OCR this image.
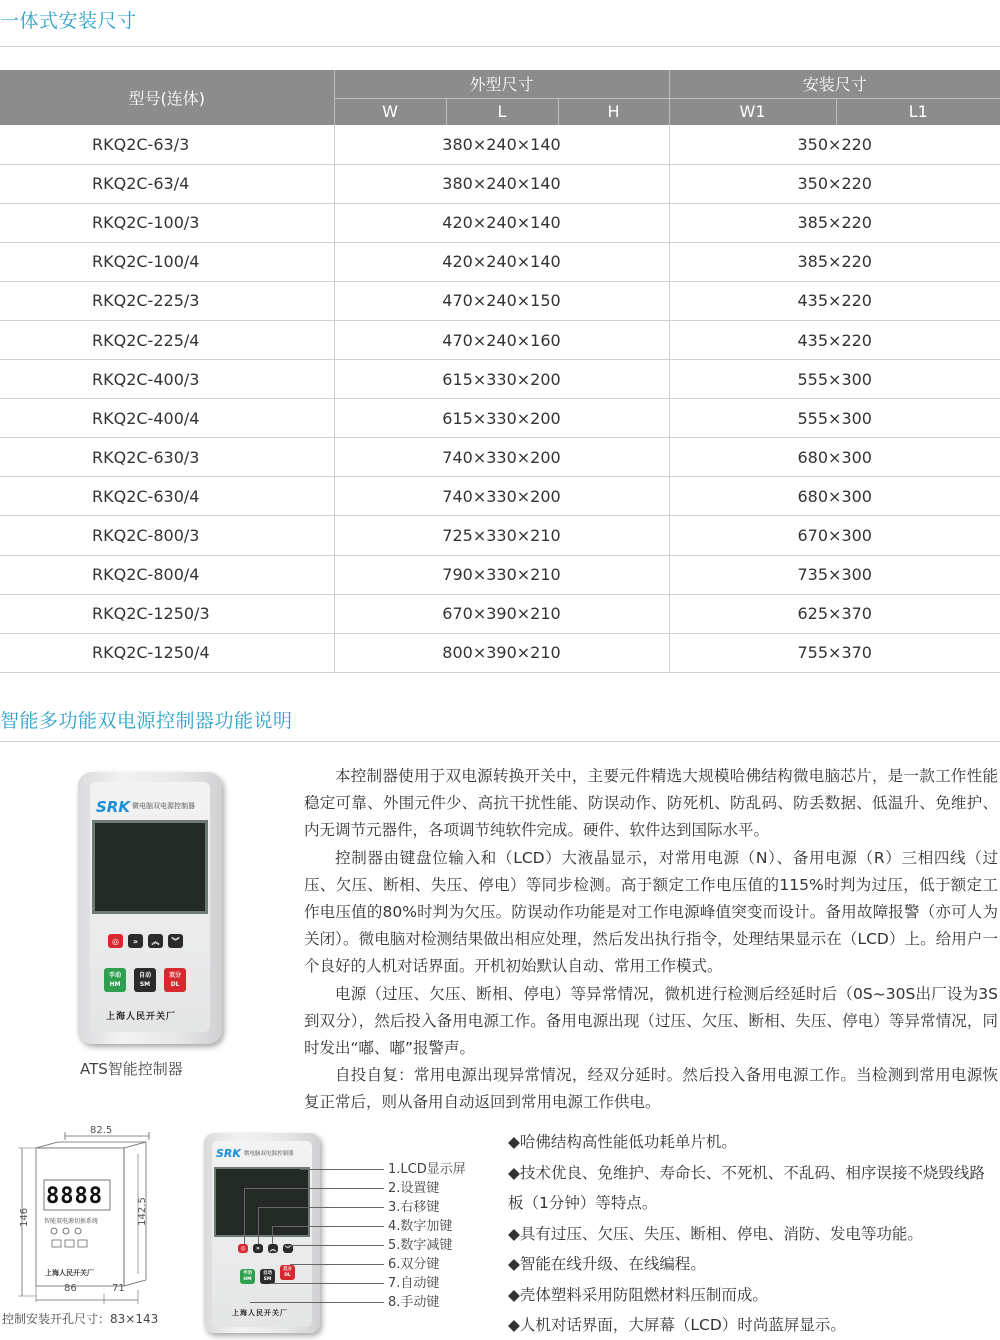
一体式安装尺寸
型号(连体)	外型尺寸			安装尺寸	
	W	L	H	W1	L1
RKQ2C-63/3	380×240×140			350×220	
RKQ2C-63/4	380×240×140			350×220	
RKQ2C-100/3	420×240×140			385×220	
RKQ2C-100/4	420×240×140			385×220	
RKQ2C-225/3	470×240×150			435×220	
RKQ2C-225/4	470×240×160			435×220	
RKQ2C-400/3	615×330×200			555×300	
RKQ2C-400/4	615×330×200			555×300	
RKQ2C-630/3	740×330×200			680×300	
RKQ2C-630/4	740×330×200			680×300	
RKQ2C-800/3	725×330×210			670×300	
RKQ2C-800/4	790×330×210			735×300	
RKQ2C-1250/3	670×390×210			625×370	
RKQ2C-1250/4	800×390×210			755×370	
智能多功能双电源控制器功能说明
SRK 微电脑双电源控制器
◎	»	︽	︾
手动
HM
自动
SM
双分
DL
上海人民开关厂
ATS智能控制器

本控制器使用于双电源转换开关中，主要元件精选大规模哈佛结构微电脑芯片，是一款工作性能稳定可靠、外围元件少、高抗干扰性能、防误动作、防死机、防乱码、防丢数据、低温升、免维护、内无调节元器件，各项调节纯软件完成。硬件、软件达到国际水平。

控制器由键盘位输入和（LCD）大液晶显示，对常用电源（N）、备用电源（R）三相四线（过压、欠压、断相、失压、停电）等同步检测。高于额定工作电压值的115%时判为过压，低于额定工作电压值的80%时判为欠压。防误动作功能是对工作电源峰值突变而设计。备用故障报警（亦可人为关闭）。微电脑对检测结果做出相应处理，然后发出执行指令，处理结果显示在（LCD）上。给用户一个良好的人机对话界面。开机初始默认自动、常用工作模式。

电源（过压、欠压、断相、停电）等异常情况，微机进行检测后经延时后（0S~30S出厂设为3S到双分），然后投入备用电源工作。备用电源出现（过压、欠压、断相、失压、停电）等异常情况，同时发出“嘟、嘟”报警声。

自投自复：常用电源出现异常情况，经双分延时。然后投入备用电源工作。当检测到常用电源恢复正常后，则从备用自动返回到常用电源工作供电。

82.5
146	142.5
8888
智能双电源切换系统
上海人民开关厂
86	71
控制安装开孔尺寸：83×143
SRK 微电脑双电源控制器
◎	»	︽	︾
手动
HM
自动
SM
双分
DL
上海人民开关厂
1.LCD显示屏
2.设置键
3.右移键
4.数字加键
5.数字减键
6.双分键
7.自动键
8.手动键
◆哈佛结构高性能低功耗单片机。
◆技术优良、免维护、寿命长、不死机、不乱码、相序误接不烧毁线路板（1分钟）等特点。
◆具有过压、欠压、失压、断相、停电、消防、发电等功能。
◆智能在线升级、在线编程。
◆壳体塑料采用防阻燃材料压制而成。
◆人机对话界面，大屏幕（LCD）时尚蓝屏显示。
